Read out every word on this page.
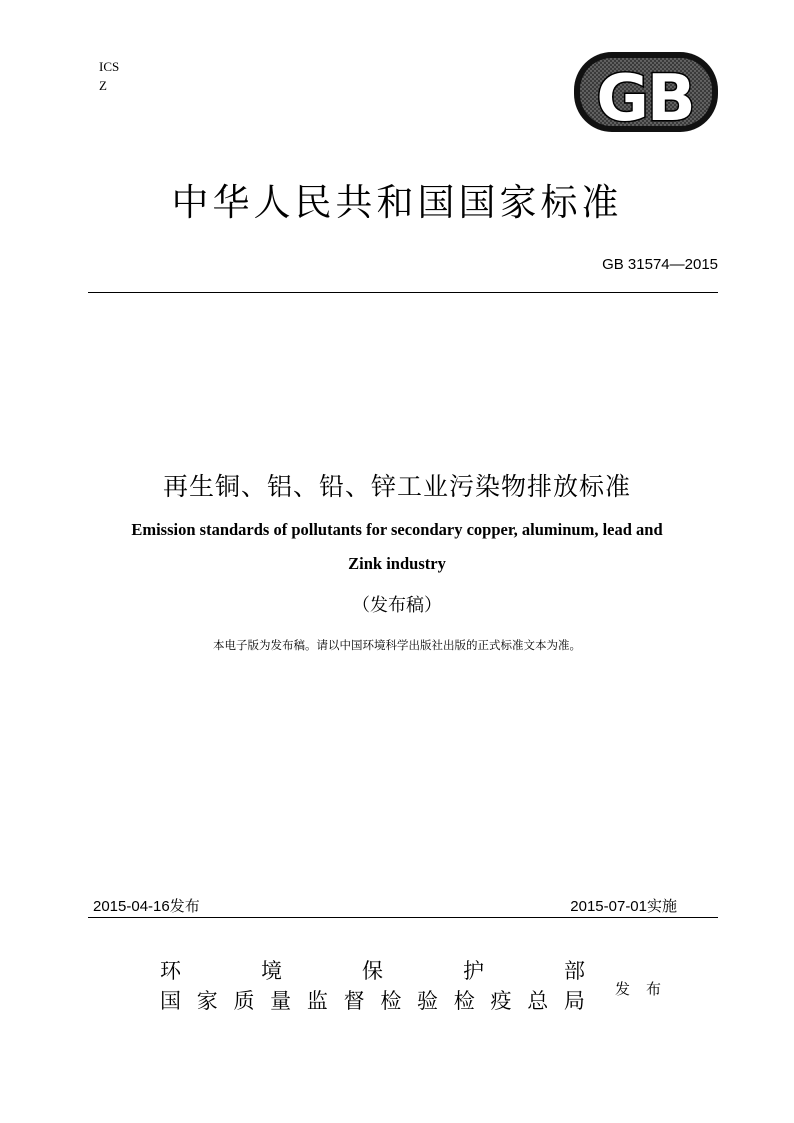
ICS
Z	GB
中华人民共和国国家标准
GB 31574—2015
再生铜、铝、铅、锌工业污染物排放标准
Emission standards of pollutants for secondary copper, aluminum, lead and
Zink industry
（发布稿）
本电子版为发布稿。请以中国环境科学出版社出版的正式标准文本为准。
2015-04-16发布	2015-07-01实施
环	境	保	护	部
国 家 质 量 监 督 检 验 检 疫 总 局 发布
